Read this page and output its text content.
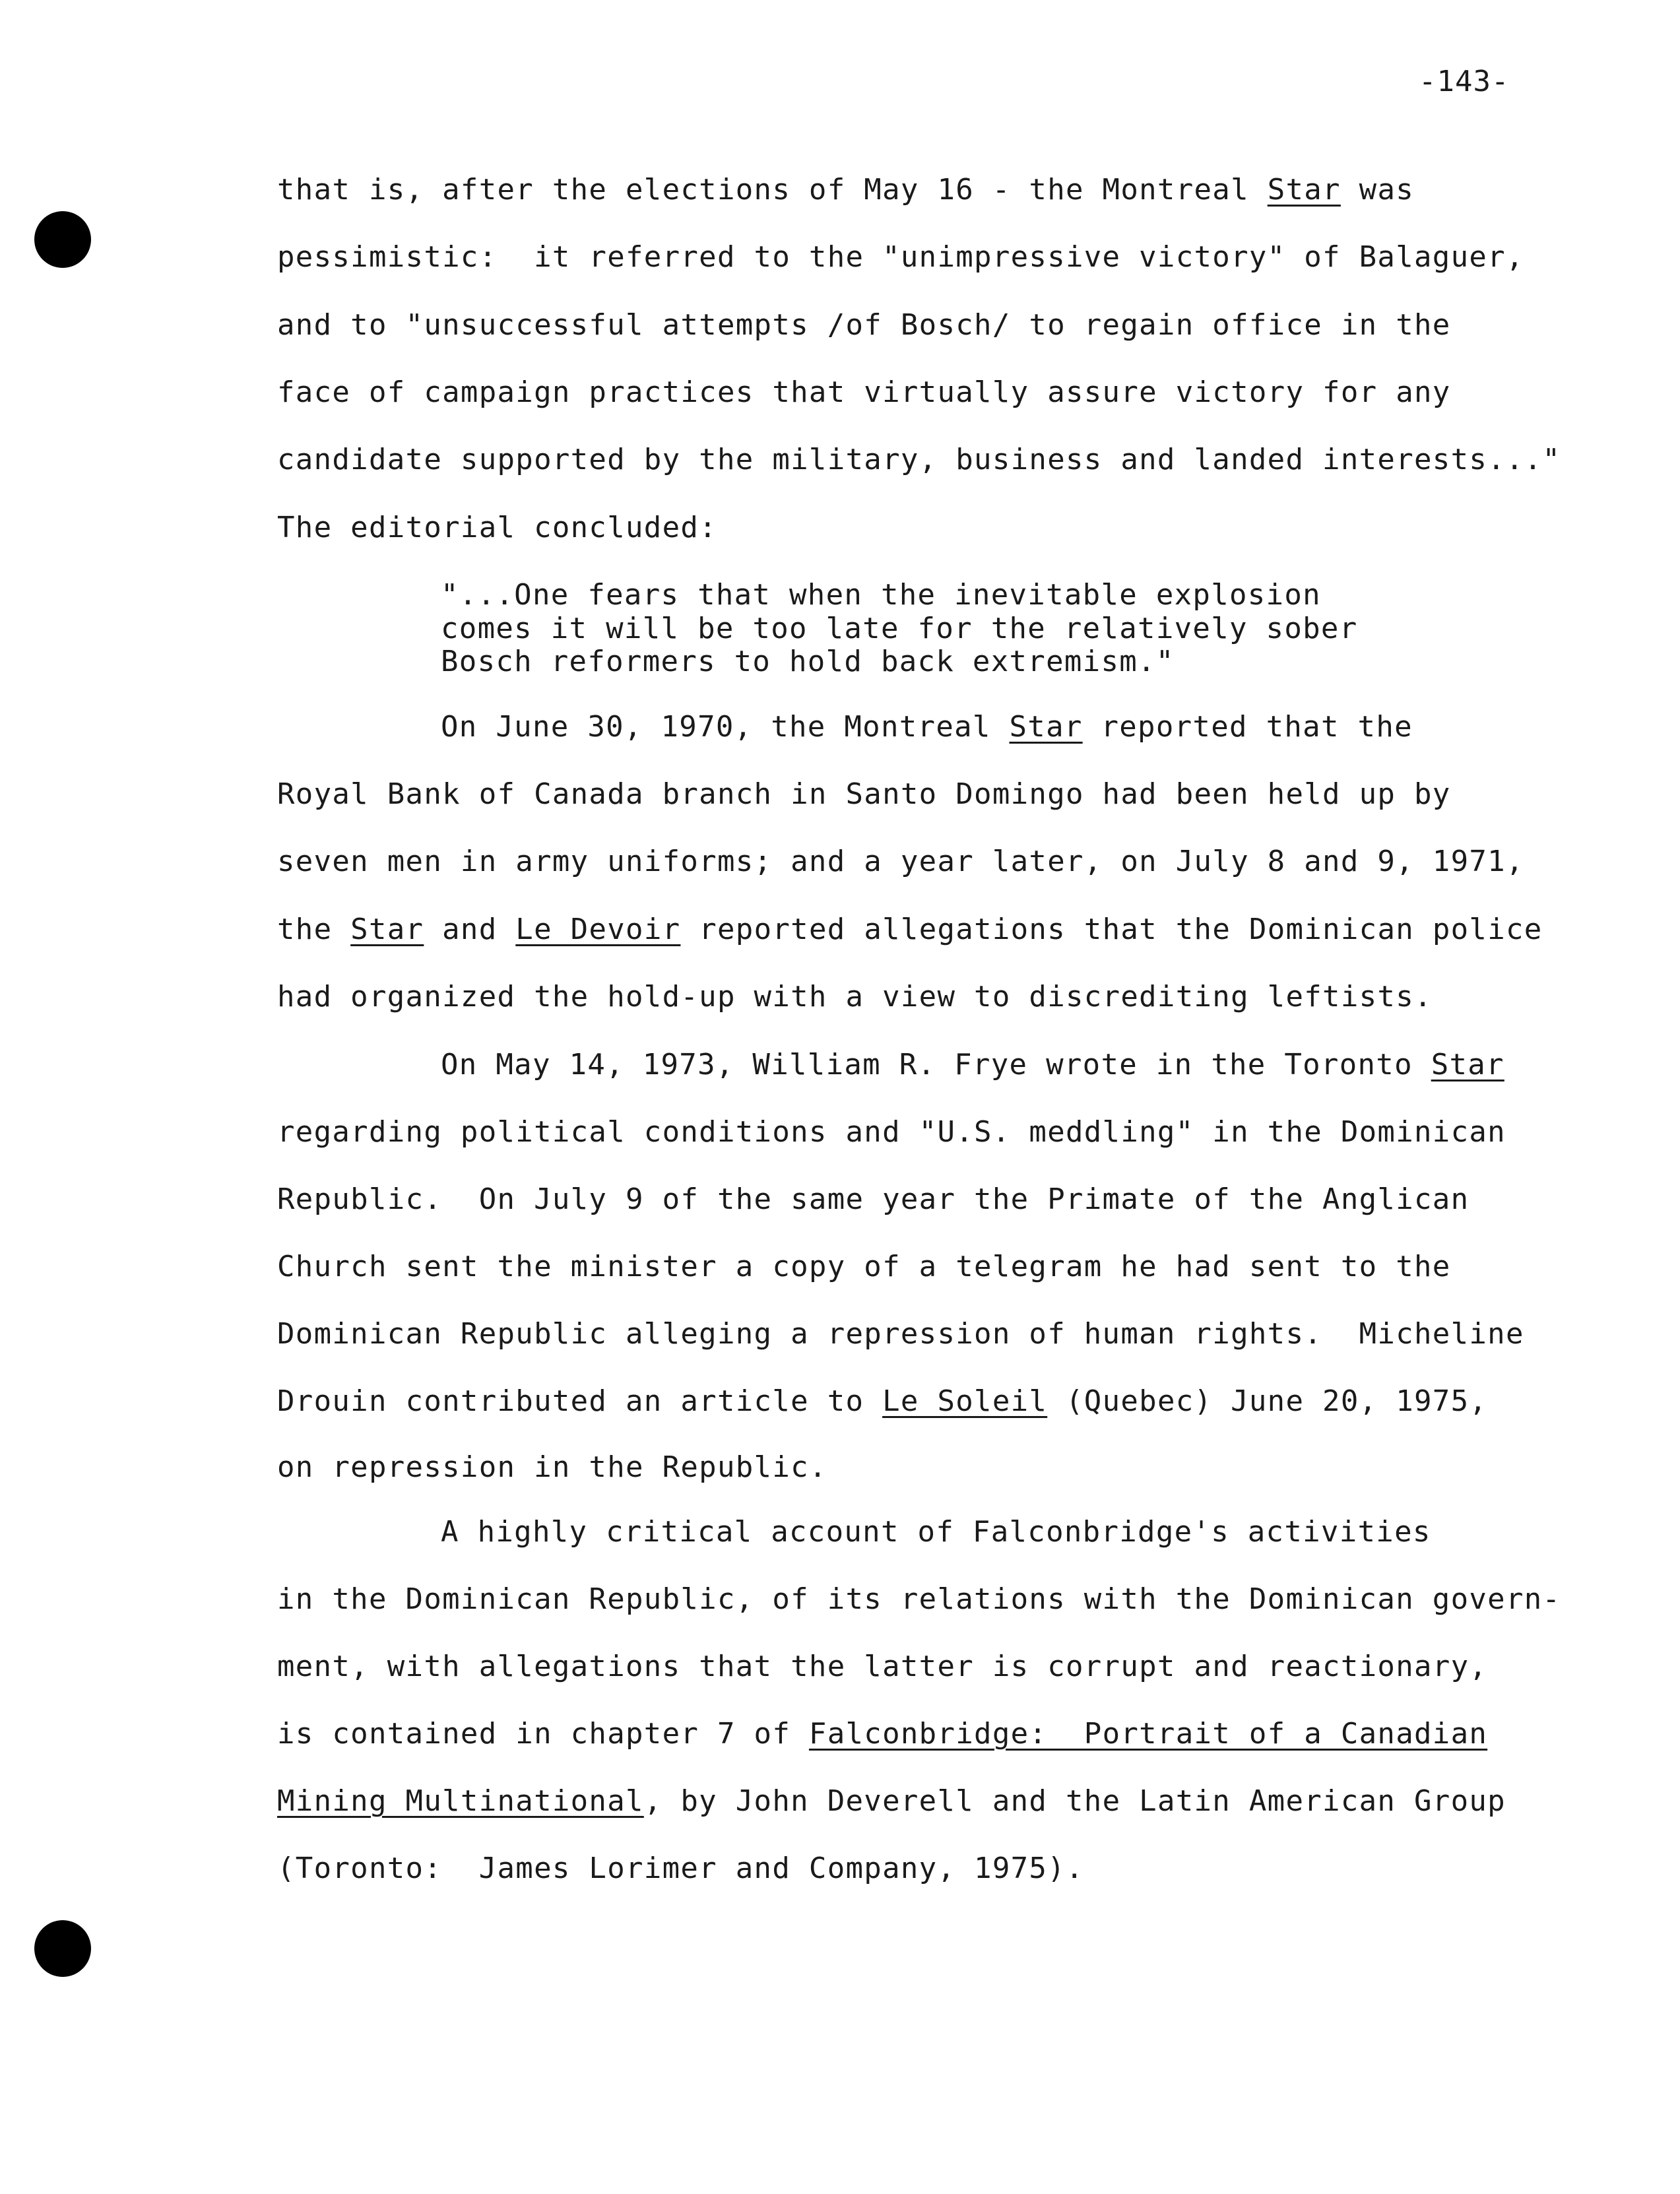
-143-
that is, after the elections of May 16 - the Montreal Star was
pessimistic:  it referred to the "unimpressive victory" of Balaguer,
and to "unsuccessful attempts /of Bosch/ to regain office in the
face of campaign practices that virtually assure victory for any
candidate supported by the military, business and landed interests..."
The editorial concluded:
"...One fears that when the inevitable explosion
comes it will be too late for the relatively sober
Bosch reformers to hold back extremism."
On June 30, 1970, the Montreal Star reported that the
Royal Bank of Canada branch in Santo Domingo had been held up by
seven men in army uniforms; and a year later, on July 8 and 9, 1971,
the Star and Le Devoir reported allegations that the Dominican police
had organized the hold-up with a view to discrediting leftists.
On May 14, 1973, William R. Frye wrote in the Toronto Star
regarding political conditions and "U.S. meddling" in the Dominican
Republic.  On July 9 of the same year the Primate of the Anglican
Church sent the minister a copy of a telegram he had sent to the
Dominican Republic alleging a repression of human rights.  Micheline
Drouin contributed an article to Le Soleil (Quebec) June 20, 1975,
on repression in the Republic.
A highly critical account of Falconbridge's activities
in the Dominican Republic, of its relations with the Dominican govern-
ment, with allegations that the latter is corrupt and reactionary,
is contained in chapter 7 of Falconbridge:  Portrait of a Canadian
Mining Multinational, by John Deverell and the Latin American Group
(Toronto:  James Lorimer and Company, 1975).
